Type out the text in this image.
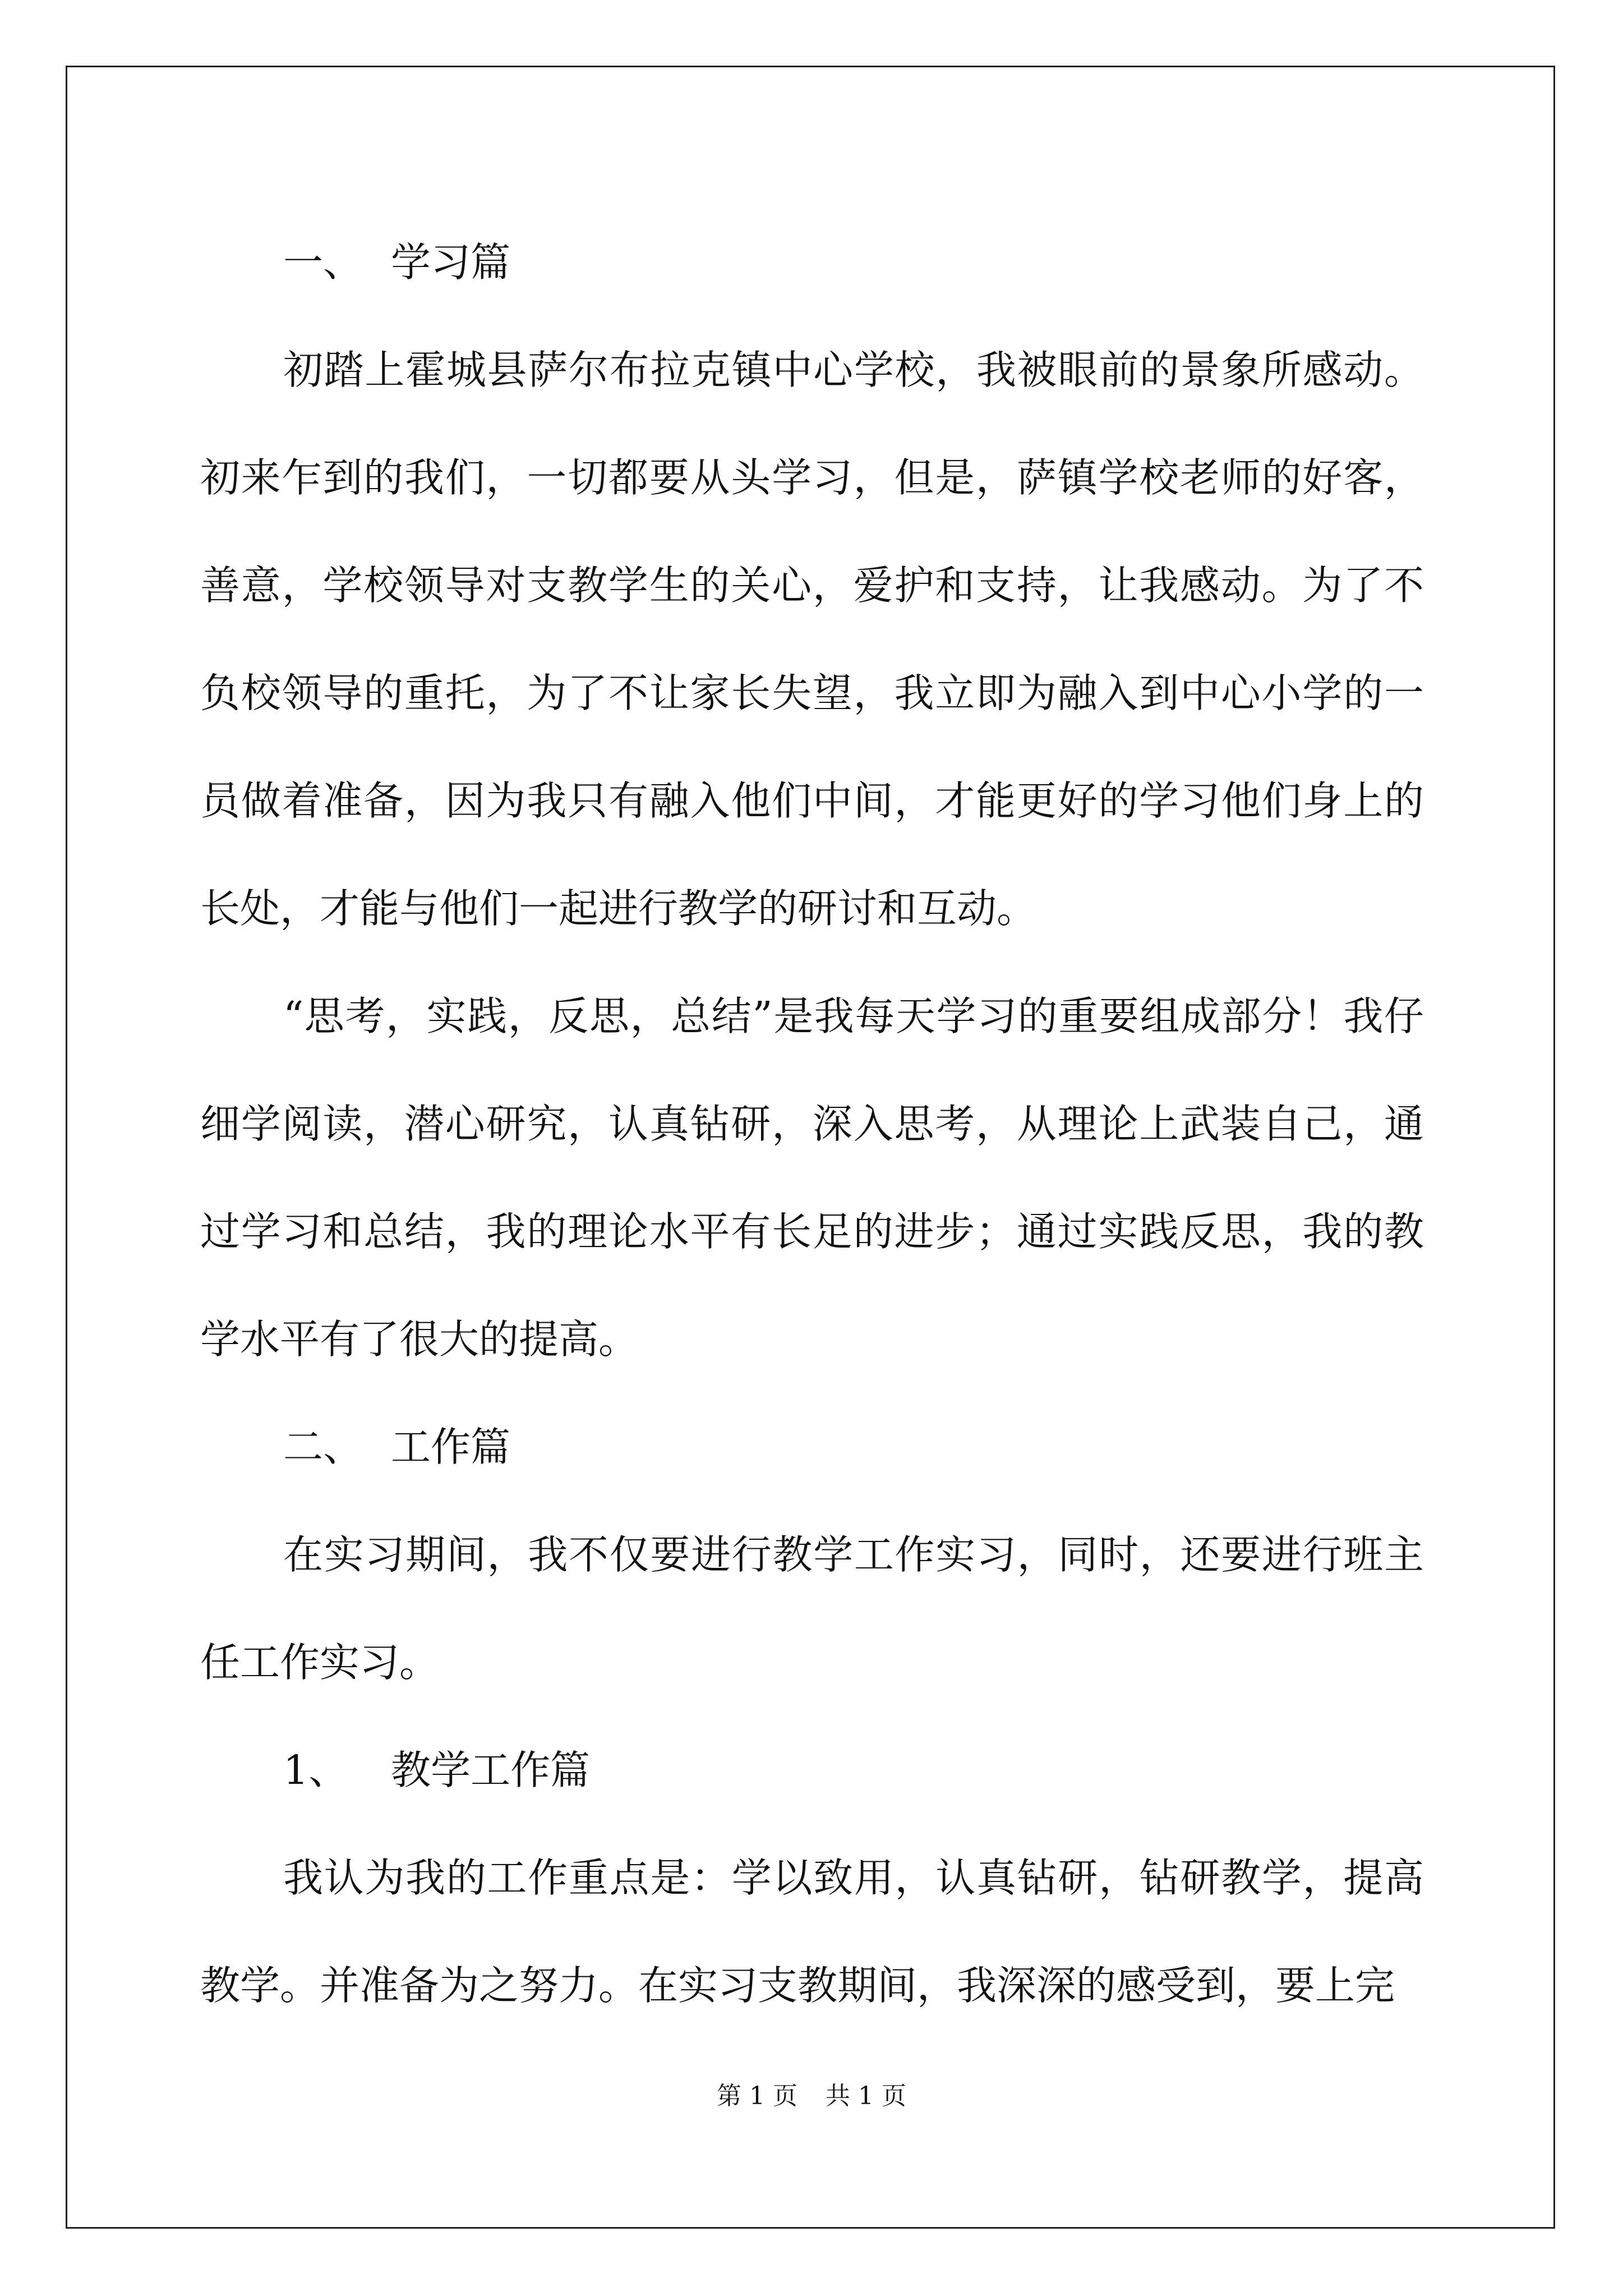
一、 学习篇

初踏上霍城县萨尔布拉克镇中心学校，我被眼前的景象所感动。初来乍到的我们，一切都要从头学习，但是，萨镇学校老师的好客，善意，学校领导对支教学生的关心，爱护和支持，让我感动。为了不负校领导的重托，为了不让家长失望，我立即为融入到中心小学的一员做着准备，因为我只有融入他们中间，才能更好的学习他们身上的长处，才能与他们一起进行教学的研讨和互动。

“思考，实践，反思，总结”是我每天学习的重要组成部分！我仔细学阅读，潜心研究，认真钻研，深入思考，从理论上武装自己，通过学习和总结，我的理论水平有长足的进步；通过实践反思，我的教学水平有了很大的提高。

二、 工作篇

在实习期间，我不仅要进行教学工作实习，同时，还要进行班主任工作实习。

1、 教学工作篇

我认为我的工作重点是：学以致用，认真钻研，钻研教学，提高教学。并准备为之努力。在实习支教期间，我深深的感受到，要上完

第 1 页 共 1 页
